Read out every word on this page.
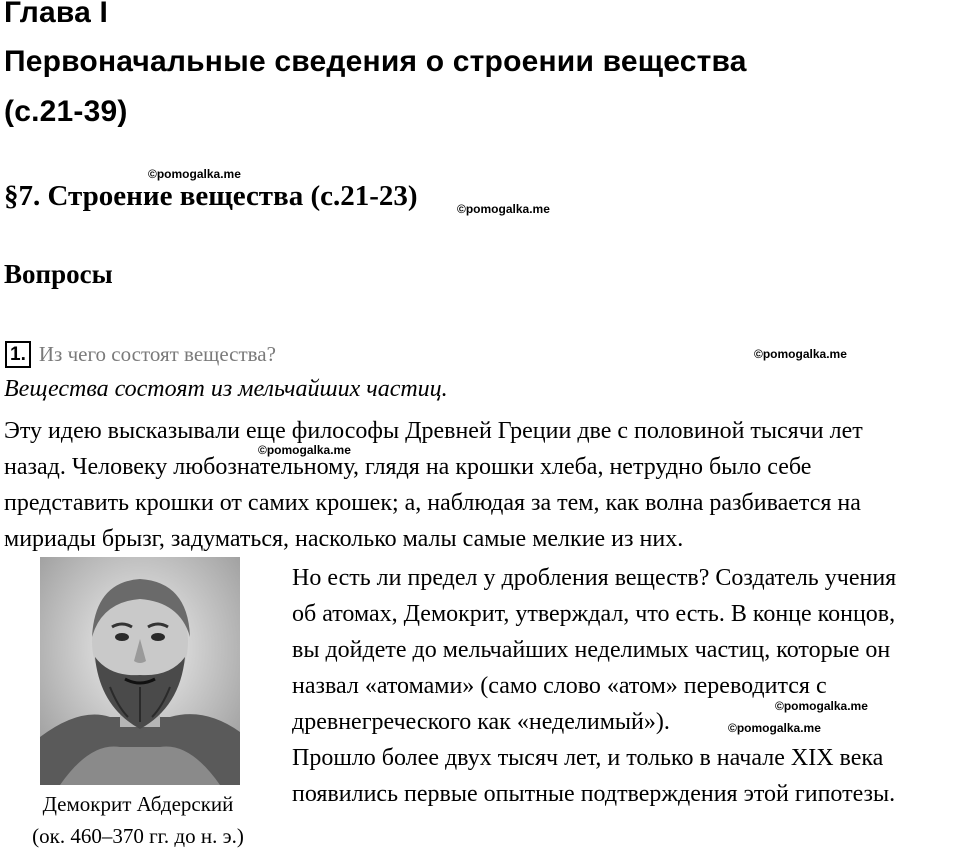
Глава I
Первоначальные сведения о строении вещества
(с.21-39)
©pomogalka.me
§7. Строение вещества (с.21-23)	©pomogalka.me
Вопросы
1. Из чего состоят вещества?	©pomogalka.me
Вещества состоят из мельчайших частиц.
Эту идею высказывали еще философы Древней Греции две с половиной тысячи лет
назад. Человеку любознательному, глядя на крошки хлеба, нетрудно было себе
представить крошки от самих крошек; а, наблюдая за тем, как волна разбивается на
мириады брызг, задуматься, насколько малы самые мелкие из них.
©pomogalka.me
Демокрит Абдерский
(ок. 460–370 гг. до н. э.)
Но есть ли предел у дробления веществ? Создатель учения
об атомах, Демокрит, утверждал, что есть. В конце концов,
вы дойдете до мельчайших неделимых частиц, которые он
назвал «атомами» (само слово «атом» переводится с
древнегреческого как «неделимый»).
©pomogalka.me
©pomogalka.me
Прошло более двух тысяч лет, и только в начале XIX века
появились первые опытные подтверждения этой гипотезы.
